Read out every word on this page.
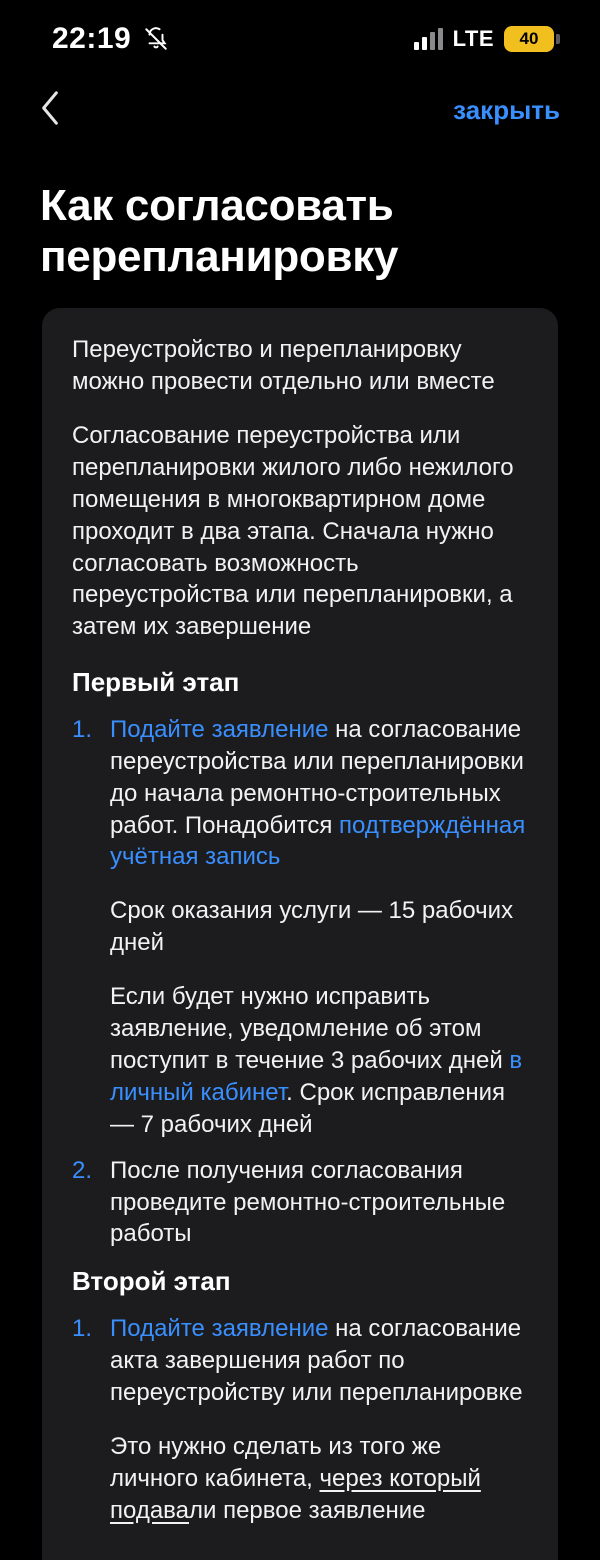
22:19	LTE 40
закрыть
Как согласовать перепланировку

Переустройство и перепланировку можно провести отдельно или вместе

Согласование переустройства или перепланировки жилого либо нежилого помещения в многоквартирном доме проходит в два этапа. Сначала нужно согласовать возможность переустройства или перепланировки, а затем их завершение

Первый этап

Подайте заявление на согласование переустройства или перепланировки до начала ремонтно-строительных работ. Понадобится подтверждённая учётная запись

Срок оказания услуги — 15 рабочих дней

Если будет нужно исправить заявление, уведомление об этом поступит в течение 3 рабочих дней в личный кабинет. Срок исправления — 7 рабочих дней

После получения согласования проведите ремонтно-строительные работы

Второй этап

Подайте заявление на согласование акта завершения работ по переустройству или перепланировке

Это нужно сделать из того же личного кабинета, через который подавали первое заявление
